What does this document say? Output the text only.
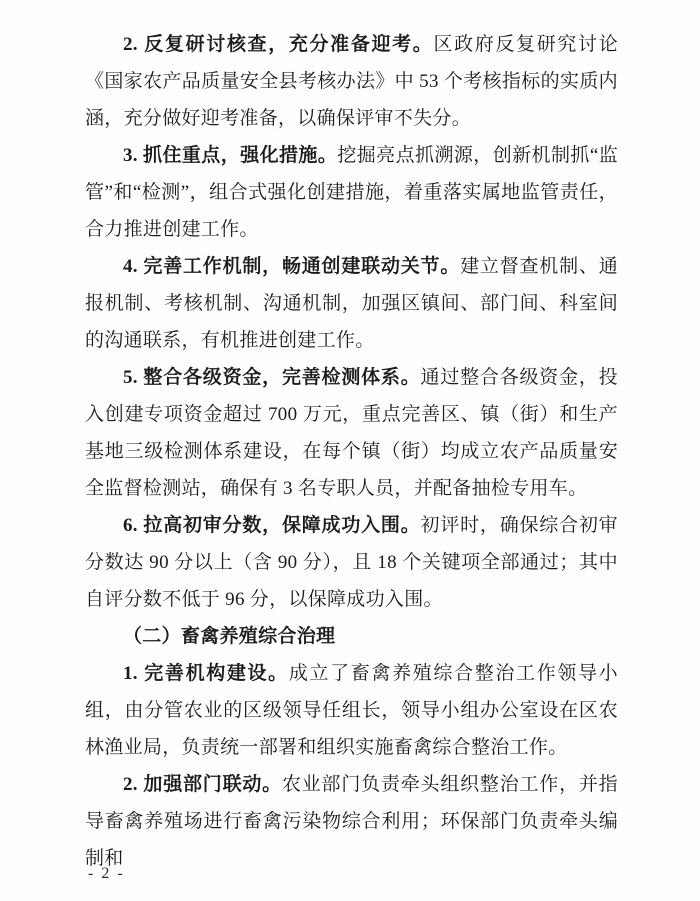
2. 反复研讨核查，充分准备迎考。区政府反复研究讨论《国家农产品质量安全县考核办法》中 53 个考核指标的实质内涵，充分做好迎考准备，以确保评审不失分。

3. 抓住重点，强化措施。挖掘亮点抓溯源，创新机制抓“监管”和“检测”，组合式强化创建措施，着重落实属地监管责任，合力推进创建工作。

4. 完善工作机制，畅通创建联动关节。建立督查机制、通报机制、考核机制、沟通机制，加强区镇间、部门间、科室间的沟通联系，有机推进创建工作。

5. 整合各级资金，完善检测体系。通过整合各级资金，投入创建专项资金超过 700 万元，重点完善区、镇（街）和生产基地三级检测体系建设，在每个镇（街）均成立农产品质量安全监督检测站，确保有 3 名专职人员，并配备抽检专用车。

6. 拉高初审分数，保障成功入围。初评时，确保综合初审分数达 90 分以上（含 90 分），且 18 个关键项全部通过；其中自评分数不低于 96 分，以保障成功入围。

（二）畜禽养殖综合治理

1. 完善机构建设。成立了畜禽养殖综合整治工作领导小组，由分管农业的区级领导任组长，领导小组办公室设在区农林渔业局，负责统一部署和组织实施畜禽综合整治工作。

2. 加强部门联动。农业部门负责牵头组织整治工作，并指导畜禽养殖场进行畜禽污染物综合利用；环保部门负责牵头编制和

- 2 -
